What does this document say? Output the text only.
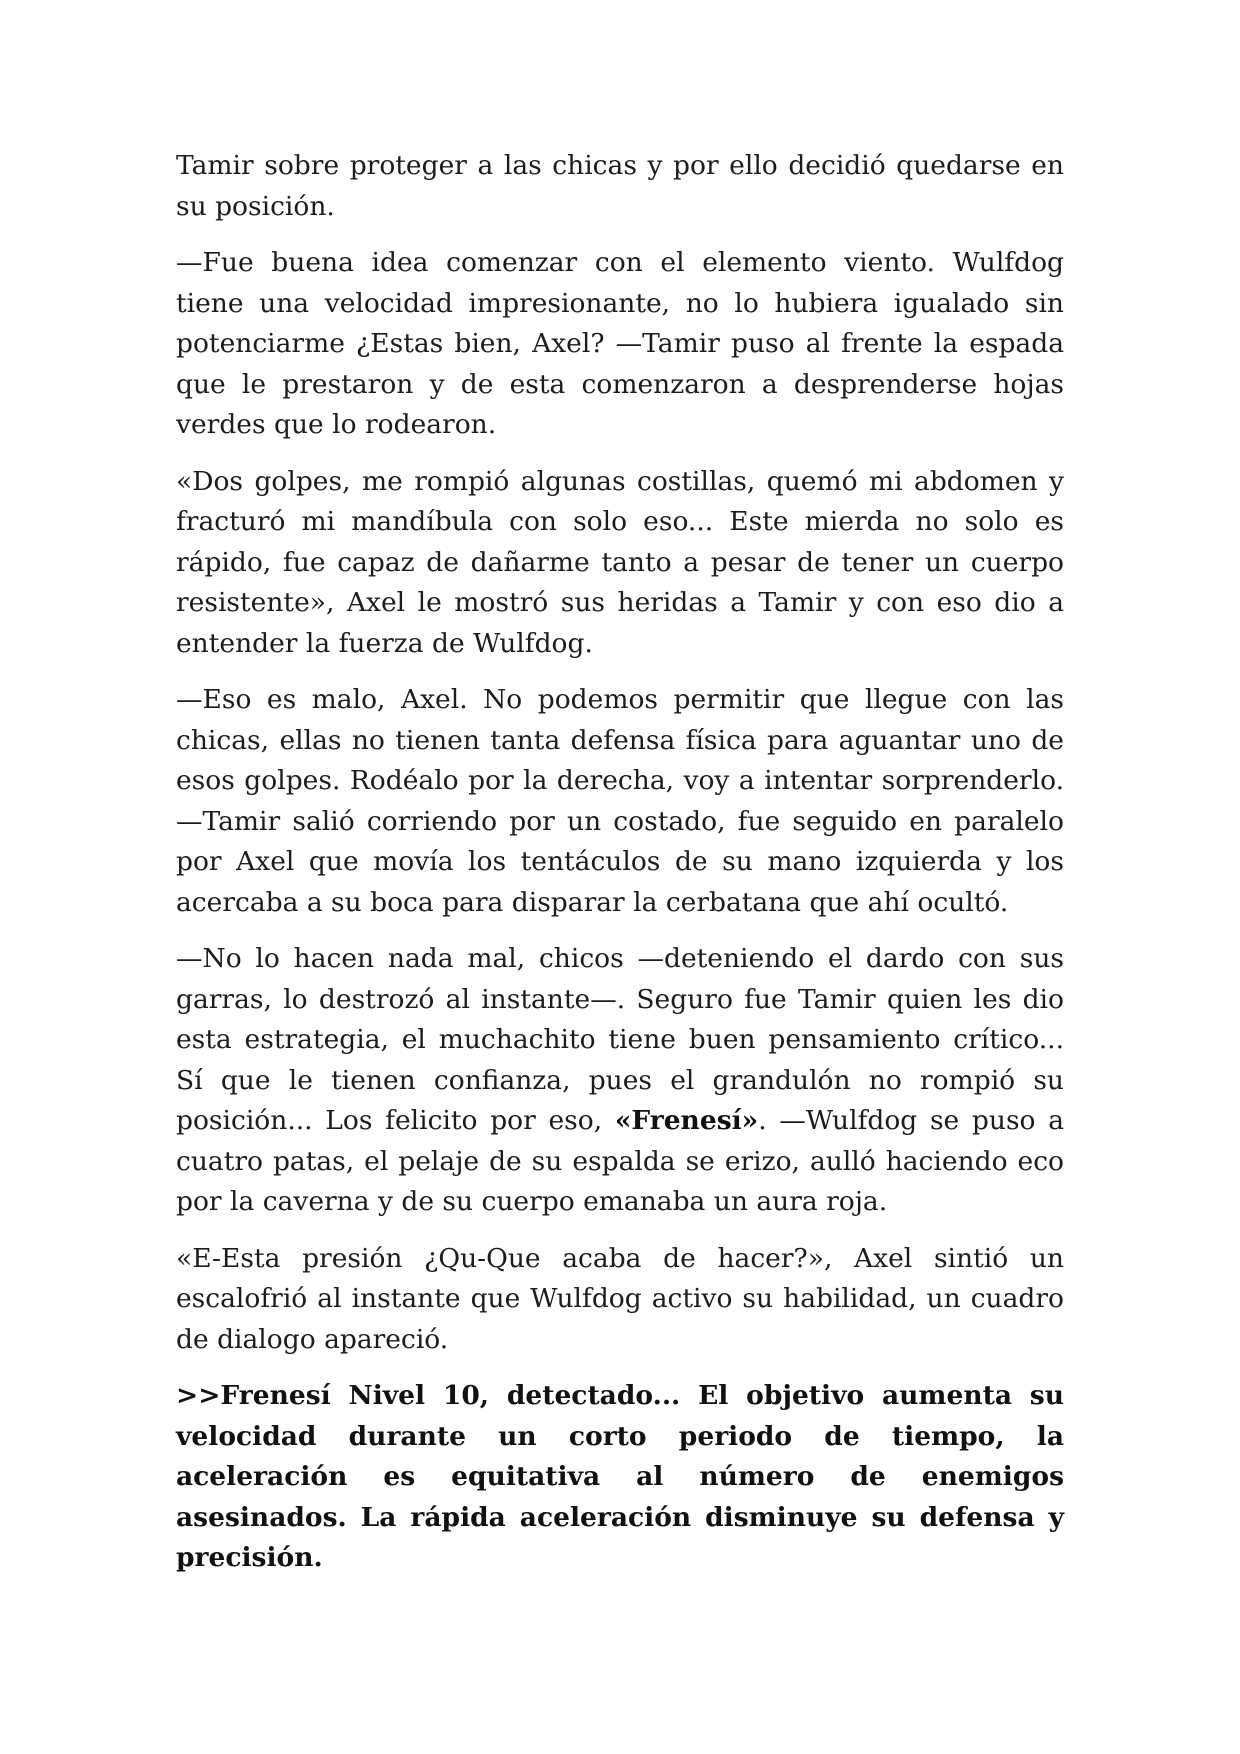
Tamir sobre proteger a las chicas y por ello decidió quedarse en su posición.

—Fue buena idea comenzar con el elemento viento. Wulfdog tiene una velocidad impresionante, no lo hubiera igualado sin potenciarme ¿Estas bien, Axel? —Tamir puso al frente la espada que le prestaron y de esta comenzaron a desprenderse hojas verdes que lo rodearon.

«Dos golpes, me rompió algunas costillas, quemó mi abdomen y fracturó mi mandíbula con solo eso... Este mierda no solo es rápido, fue capaz de dañarme tanto a pesar de tener un cuerpo resistente», Axel le mostró sus heridas a Tamir y con eso dio a entender la fuerza de Wulfdog.

—Eso es malo, Axel. No podemos permitir que llegue con las chicas, ellas no tienen tanta defensa física para aguantar uno de esos golpes. Rodéalo por la derecha, voy a intentar sorprenderlo. —Tamir salió corriendo por un costado, fue seguido en paralelo por Axel que movía los tentáculos de su mano izquierda y los acercaba a su boca para disparar la cerbatana que ahí ocultó.

—No lo hacen nada mal, chicos —deteniendo el dardo con sus garras, lo destrozó al instante—. Seguro fue Tamir quien les dio esta estrategia, el muchachito tiene buen pensamiento crítico... Sí que le tienen confianza, pues el grandulón no rompió su posición... Los felicito por eso, «Frenesí». —Wulfdog se puso a cuatro patas, el pelaje de su espalda se erizo, aulló haciendo eco por la caverna y de su cuerpo emanaba un aura roja.

«E-Esta presión ¿Qu-Que acaba de hacer?», Axel sintió un escalofrió al instante que Wulfdog activo su habilidad, un cuadro de dialogo apareció.

>>Frenesí Nivel 10, detectado... El objetivo aumenta su velocidad durante un corto periodo de tiempo, la aceleración es equitativa al número de enemigos asesinados. La rápida aceleración disminuye su defensa y precisión.
